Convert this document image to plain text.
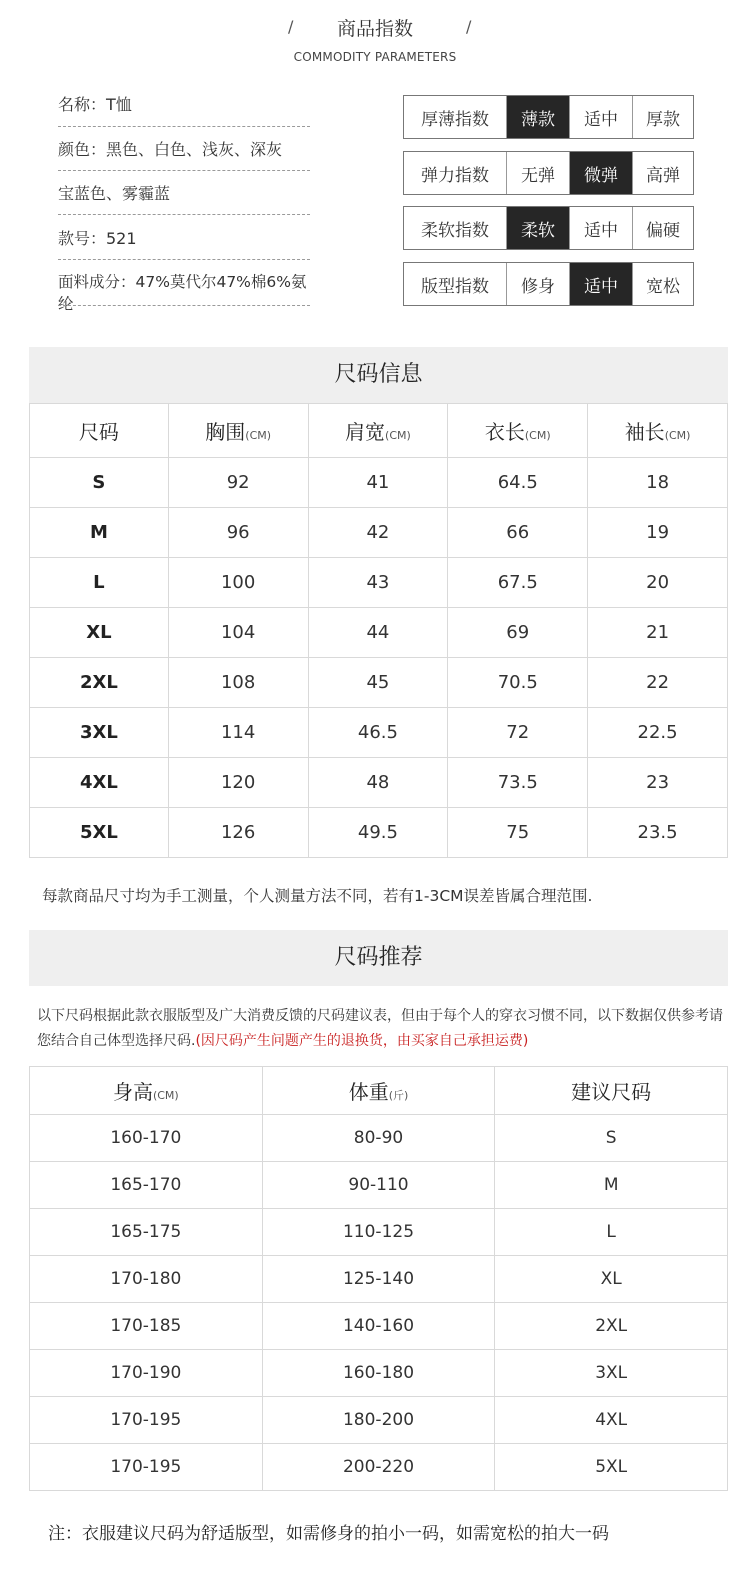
/	商品指数	/
COMMODITY PARAMETERS
名称：T恤
颜色：黑色、白色、浅灰、深灰
宝蓝色、雾霾蓝
款号：521
面料成分：47%莫代尔47%棉6%氨纶
厚薄指数	薄款	适中	厚款
弹力指数	无弹	微弹	高弹
柔软指数	柔软	适中	偏硬
版型指数	修身	适中	宽松
尺码信息
尺码	胸围(CM)	肩宽(CM)	衣长(CM)	袖长(CM)
S	92	41	64.5	18
M	96	42	66	19
L	100	43	67.5	20
XL	104	44	69	21
2XL	108	45	70.5	22
3XL	114	46.5	72	22.5
4XL	120	48	73.5	23
5XL	126	49.5	75	23.5
每款商品尺寸均为手工测量，个人测量方法不同，若有1-3CM误差皆属合理范围.
尺码推荐
以下尺码根据此款衣服版型及广大消费反馈的尺码建议表，但由于每个人的穿衣习惯不同，以下数据仅供参考请您结合自己体型选择尺码.(因尺码产生问题产生的退换货，由买家自己承担运费)
身高(CM)	体重(斤)	建议尺码
160-170	80-90	S
165-170	90-110	M
165-175	110-125	L
170-180	125-140	XL
170-185	140-160	2XL
170-190	160-180	3XL
170-195	180-200	4XL
170-195	200-220	5XL
注：衣服建议尺码为舒适版型，如需修身的拍小一码，如需宽松的拍大一码
